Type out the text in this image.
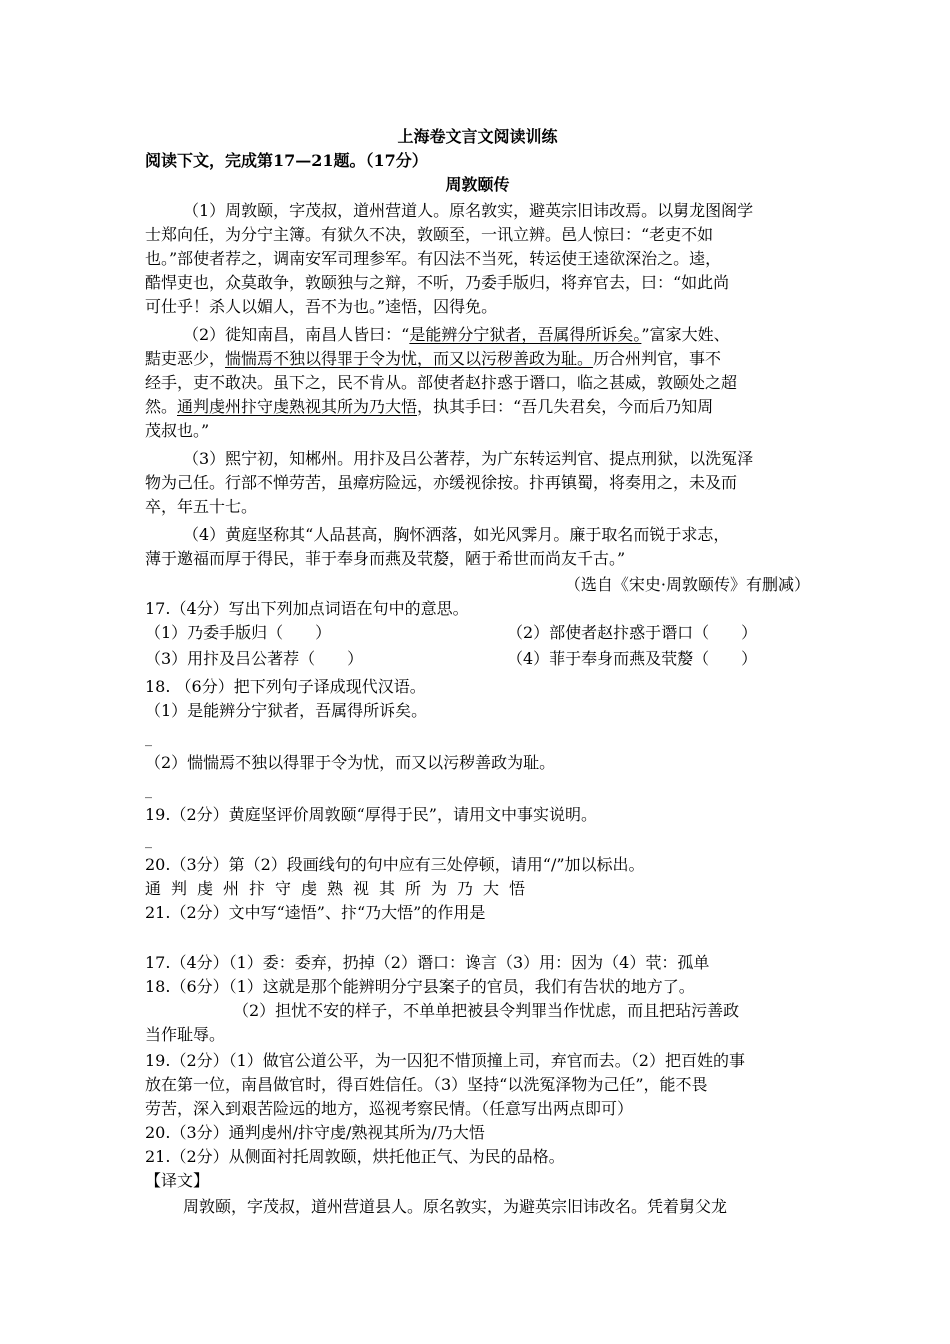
上海卷文言文阅读训练
阅读下文，完成第17—21题。（17分）
周敦颐传
（1）周敦颐，字茂叔，道州营道人。原名敦实，避英宗旧讳改焉。以舅龙图阁学
士郑向任，为分宁主簿。有狱久不决，敦颐至，一讯立辨。邑人惊曰：“老吏不如
也。”部使者荐之，调南安军司理参军。有囚法不当死，转运使王逵欲深治之。逵，
酷悍吏也，众莫敢争，敦颐独与之辩，不听，乃委手版归，将弃官去，曰：“如此尚
可仕乎！杀人以媚人，吾不为也。”逵悟，囚得免。
（2）徙知南昌，南昌人皆曰：“是能辨分宁狱者，吾属得所诉矣。”富家大姓、
黠吏恶少，惴惴焉不独以得罪于令为忧，而又以污秽善政为耻。历合州判官，事不
经手，吏不敢决。虽下之，民不肯从。部使者赵抃惑于谮口，临之甚威，敦颐处之超
然。通判虔州抃守虔熟视其所为乃大悟，执其手曰：“吾几失君矣，今而后乃知周
茂叔也。”
（3）熙宁初，知郴州。用抃及吕公著荐，为广东转运判官、提点刑狱，以洗冤泽
物为己任。行部不惮劳苦，虽瘴疠险远，亦缓视徐按。抃再镇蜀，将奏用之，未及而
卒，年五十七。
（4）黄庭坚称其“人品甚高，胸怀洒落，如光风霁月。廉于取名而锐于求志，
薄于邀福而厚于得民，菲于奉身而燕及茕嫠，陋于希世而尚友千古。”
（选自《宋史·周敦颐传》有删减）
17.（4分）写出下列加点词语在句中的意思。
（1）乃委手版归（　　）	（2）部使者赵抃惑于谮口（　　）
（3）用抃及吕公著荐（　　）	（4）菲于奉身而燕及茕嫠（　　）
18. （6分）把下列句子译成现代汉语。
（1）是能辨分宁狱者，吾属得所诉矣。
_
（2）惴惴焉不独以得罪于令为忧，而又以污秽善政为耻。
_
19.（2分）黄庭坚评价周敦颐“厚得于民”，请用文中事实说明。
_
20.（3分）第（2）段画线句的句中应有三处停顿，请用“/”加以标出。
通判虔州抃守虔熟视其所为乃大悟
21.（2分）文中写“逵悟”、抃“乃大悟”的作用是
17.（4分）（1）委：委弃，扔掉（2）谮口：谗言（3）用：因为（4）茕：孤单
18.（6分）（1）这就是那个能辨明分宁县案子的官员，我们有告状的地方了。
（2）担忧不安的样子，不单单把被县令判罪当作忧虑，而且把玷污善政
当作耻辱。
19.（2分）（1）做官公道公平，为一囚犯不惜顶撞上司，弃官而去。（2）把百姓的事
放在第一位，南昌做官时，得百姓信任。（3）坚持“以洗冤泽物为己任”，能不畏
劳苦，深入到艰苦险远的地方，巡视考察民情。（任意写出两点即可）
20.（3分）通判虔州/抃守虔/熟视其所为/乃大悟
21.（2分）从侧面衬托周敦颐，烘托他正气、为民的品格。
【译文】
周敦颐，字茂叔，道州营道县人。原名敦实，为避英宗旧讳改名。凭着舅父龙
